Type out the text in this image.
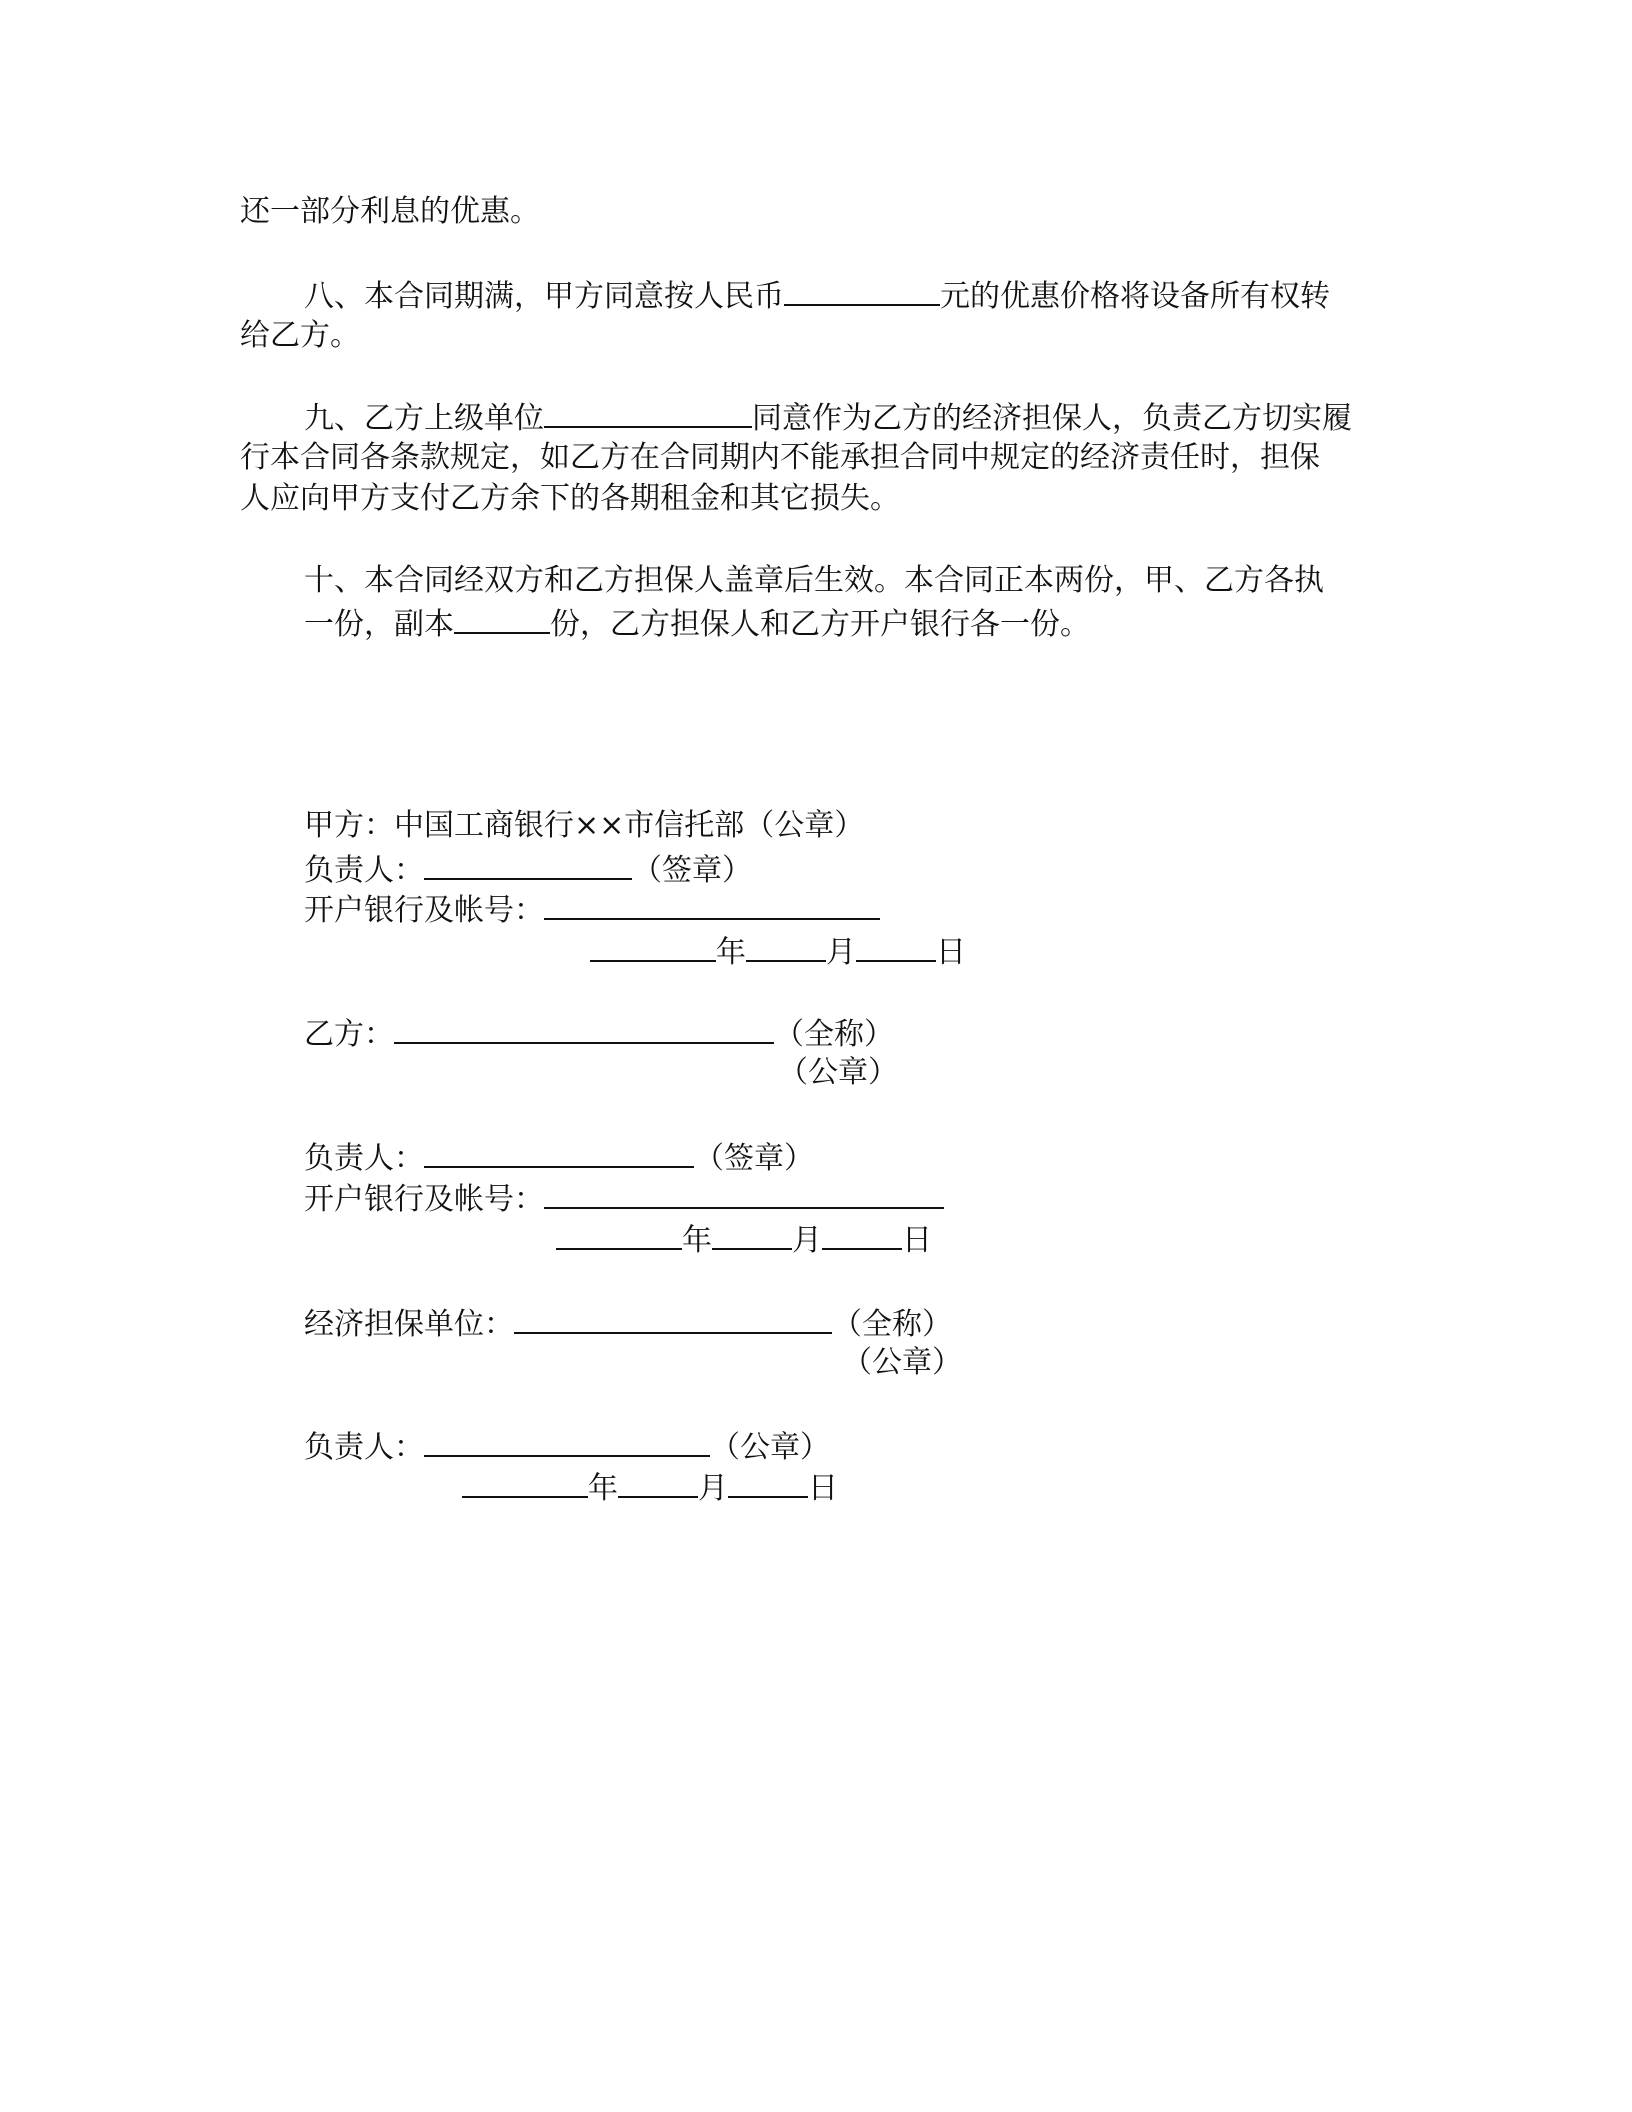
还一部分利息的优惠。
八、本合同期满，甲方同意按人民币	元的优惠价格将设备所有权转
给乙方。
九、乙方上级单位	同意作为乙方的经济担保人，负责乙方切实履
行本合同各条款规定，如乙方在合同期内不能承担合同中规定的经济责任时，担保
人应向甲方支付乙方余下的各期租金和其它损失。
十、本合同经双方和乙方担保人盖章后生效。本合同正本两份，甲、乙方各执
一份，副本	份，乙方担保人和乙方开户银行各一份。
甲方：中国工商银行××市信托部（公章）
负责人：	（签章）
开户银行及帐号：
年	月	日
乙方：	（全称）
（公章）
负责人：	（签章）
开户银行及帐号：
年	月	日
经济担保单位：	（全称）
（公章）
负责人：	（公章）
年	月	日
